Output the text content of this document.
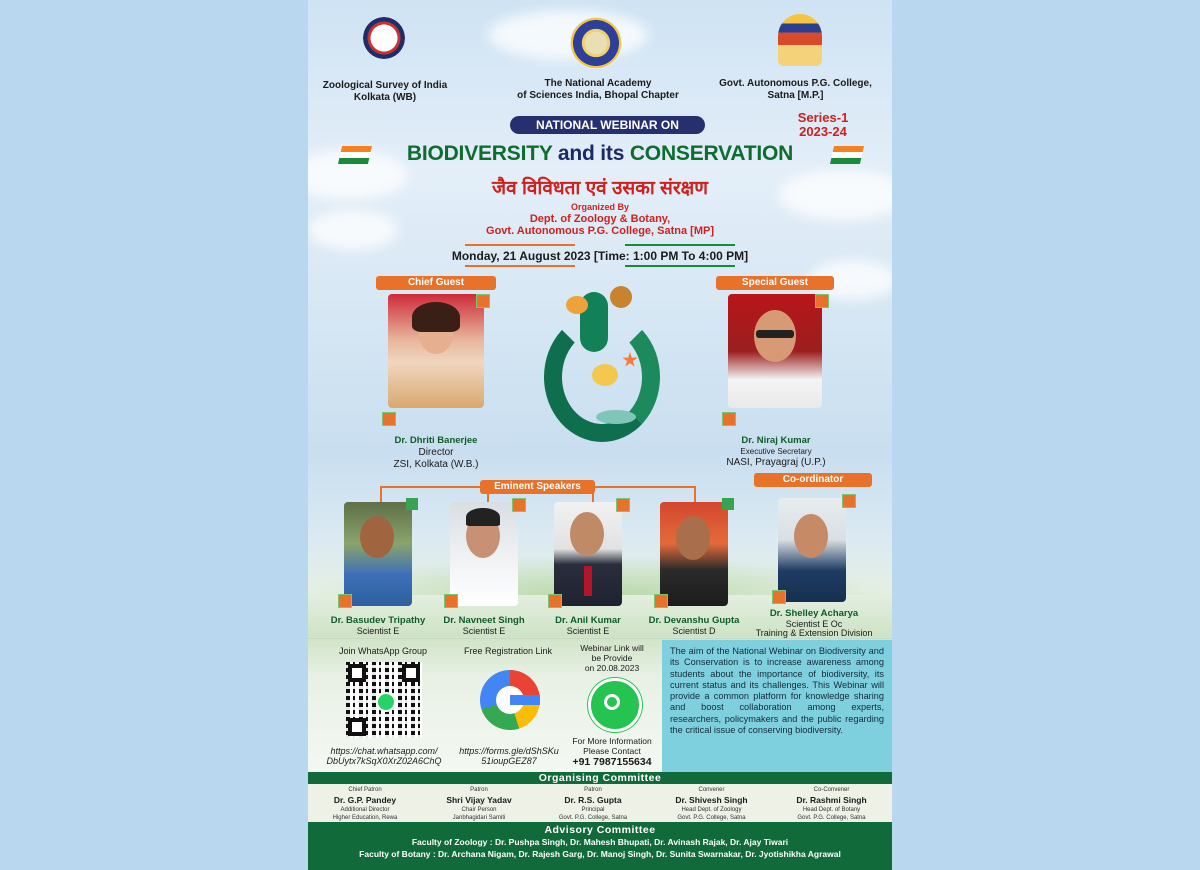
Zoological Survey of India
Kolkata (WB)
The National Academy
of Sciences India, Bhopal Chapter
Govt. Autonomous P.G. College,
Satna [M.P.]
NATIONAL WEBINAR ON	Series-1
2023-24
BIODIVERSITY and its CONSERVATION
जैव विविधता एवं उसका संरक्षण
Organized By
Dept. of Zoology & Botany,
Govt. Autonomous P.G. College, Satna [MP]
Monday, 21 August 2023 [Time: 1:00 PM To 4:00 PM]
Chief Guest
Dr. Dhriti Banerjee
Director
ZSI, Kolkata (W.B.)
Special Guest
Dr. Niraj Kumar
Executive Secretary
NASI, Prayagraj (U.P.)
Eminent Speakers
Dr. Basudev Tripathy
Scientist E
Dr. Navneet Singh
Scientist E
Dr. Anil Kumar
Scientist E
Dr. Devanshu Gupta
Scientist D
Co-ordinator
Dr. Shelley Acharya
Scientist E Oc
Training & Extension Division
Join WhatsApp Group
https://chat.whatsapp.com/
DbUytx7kSqX0XrZ02A6ChQ
Free Registration Link
https://forms.gle/dShSKu
51ioupGEZ87
Webinar Link will
be Provide
on 20.08.2023
For More Information
Please Contact
+91 7987155634
The aim of the National Webinar on Biodiversity and its Conservation is to increase awareness among students about the importance of biodiversity, its current status and its challenges. This Webinar will provide a common platform for knowledge sharing and boost collaboration among experts, researchers, policymakers and the public regarding the critical issue of conserving biodiversity.
Organising Committee
Chief Patron
Dr. G.P. Pandey
Additional Director
Higher Education, Rewa
Patron
Shri Vijay Yadav
Chair Person
Janbhagidari Samiti
Patron
Dr. R.S. Gupta
Principal
Govt. P.G. College, Satna
Convener
Dr. Shivesh Singh
Head Dept. of Zoology
Govt. P.G. College, Satna
Co-Convener
Dr. Rashmi Singh
Head Dept. of Botany
Govt. P.G. College, Satna
Advisory Committee
Faculty of Zoology : Dr. Pushpa Singh, Dr. Mahesh Bhupati, Dr. Avinash Rajak, Dr. Ajay Tiwari
Faculty of Botany : Dr. Archana Nigam, Dr. Rajesh Garg, Dr. Manoj Singh, Dr. Sunita Swarnakar, Dr. Jyotishikha Agrawal
